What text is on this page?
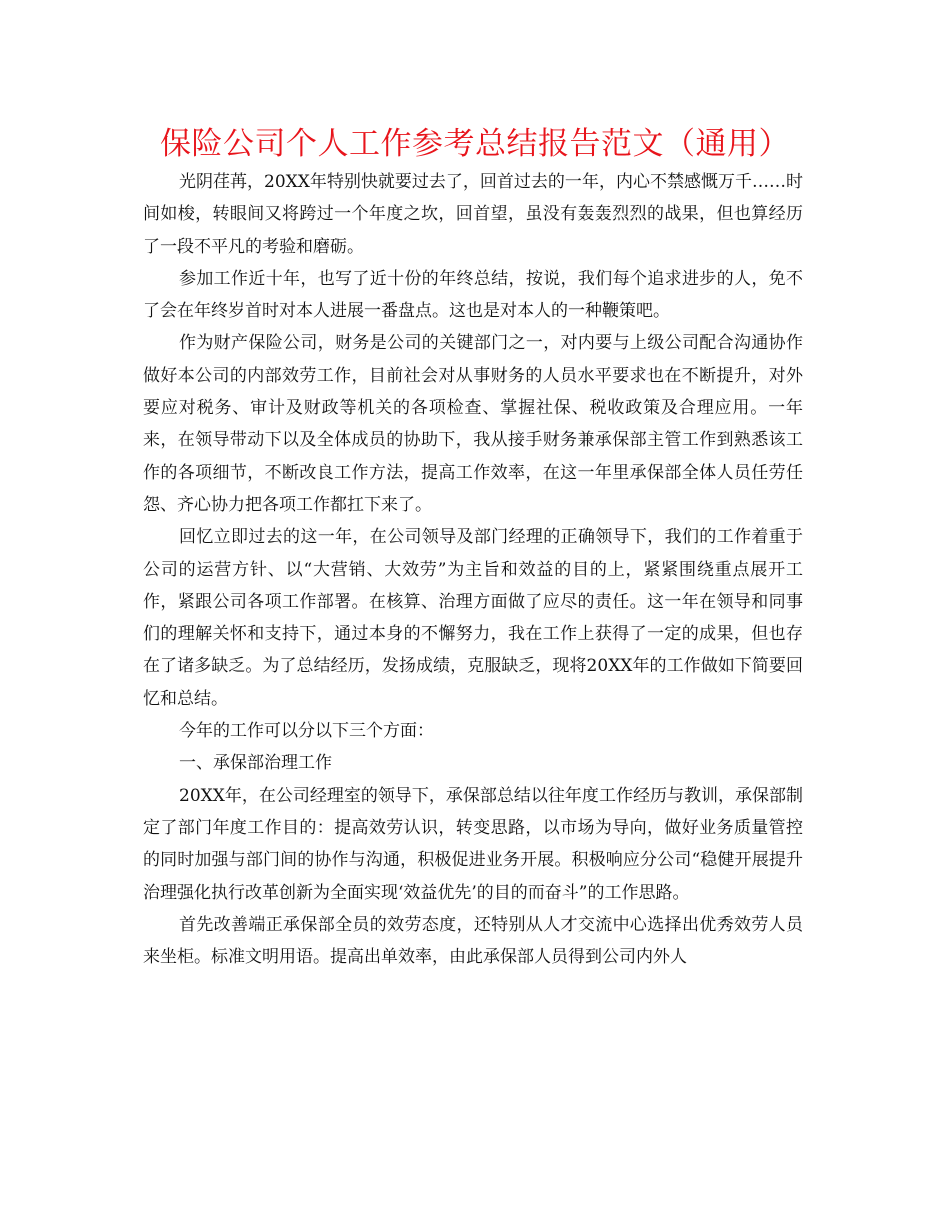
保险公司个人工作参考总结报告范文（通用）

光阴荏苒，20XX年特别快就要过去了，回首过去的一年，内心不禁感慨万千……时间如梭，转眼间又将跨过一个年度之坎，回首望，虽没有轰轰烈烈的战果，但也算经历了一段不平凡的考验和磨砺。

参加工作近十年，也写了近十份的年终总结，按说，我们每个追求进步的人，免不了会在年终岁首时对本人进展一番盘点。这也是对本人的一种鞭策吧。

作为财产保险公司，财务是公司的关键部门之一，对内要与上级公司配合沟通协作做好本公司的内部效劳工作，目前社会对从事财务的人员水平要求也在不断提升，对外要应对税务、审计及财政等机关的各项检查、掌握社保、税收政策及合理应用。一年来，在领导带动下以及全体成员的协助下，我从接手财务兼承保部主管工作到熟悉该工作的各项细节，不断改良工作方法，提高工作效率，在这一年里承保部全体人员任劳任怨、齐心协力把各项工作都扛下来了。

回忆立即过去的这一年，在公司领导及部门经理的正确领导下，我们的工作着重于公司的运营方针、以“大营销、大效劳”为主旨和效益的目的上，紧紧围绕重点展开工作，紧跟公司各项工作部署。在核算、治理方面做了应尽的责任。这一年在领导和同事们的理解关怀和支持下，通过本身的不懈努力，我在工作上获得了一定的成果，但也存在了诸多缺乏。为了总结经历，发扬成绩，克服缺乏，现将20XX年的工作做如下简要回忆和总结。

今年的工作可以分以下三个方面：

一、承保部治理工作

20XX年，在公司经理室的领导下，承保部总结以往年度工作经历与教训，承保部制定了部门年度工作目的：提高效劳认识，转变思路，以市场为导向，做好业务质量管控的同时加强与部门间的协作与沟通，积极促进业务开展。积极响应分公司“稳健开展提升治理强化执行改革创新为全面实现‘效益优先’的目的而奋斗”的工作思路。

首先改善端正承保部全员的效劳态度，还特别从人才交流中心选择出优秀效劳人员来坐柜。标准文明用语。提高出单效率，由此承保部人员得到公司内外人
